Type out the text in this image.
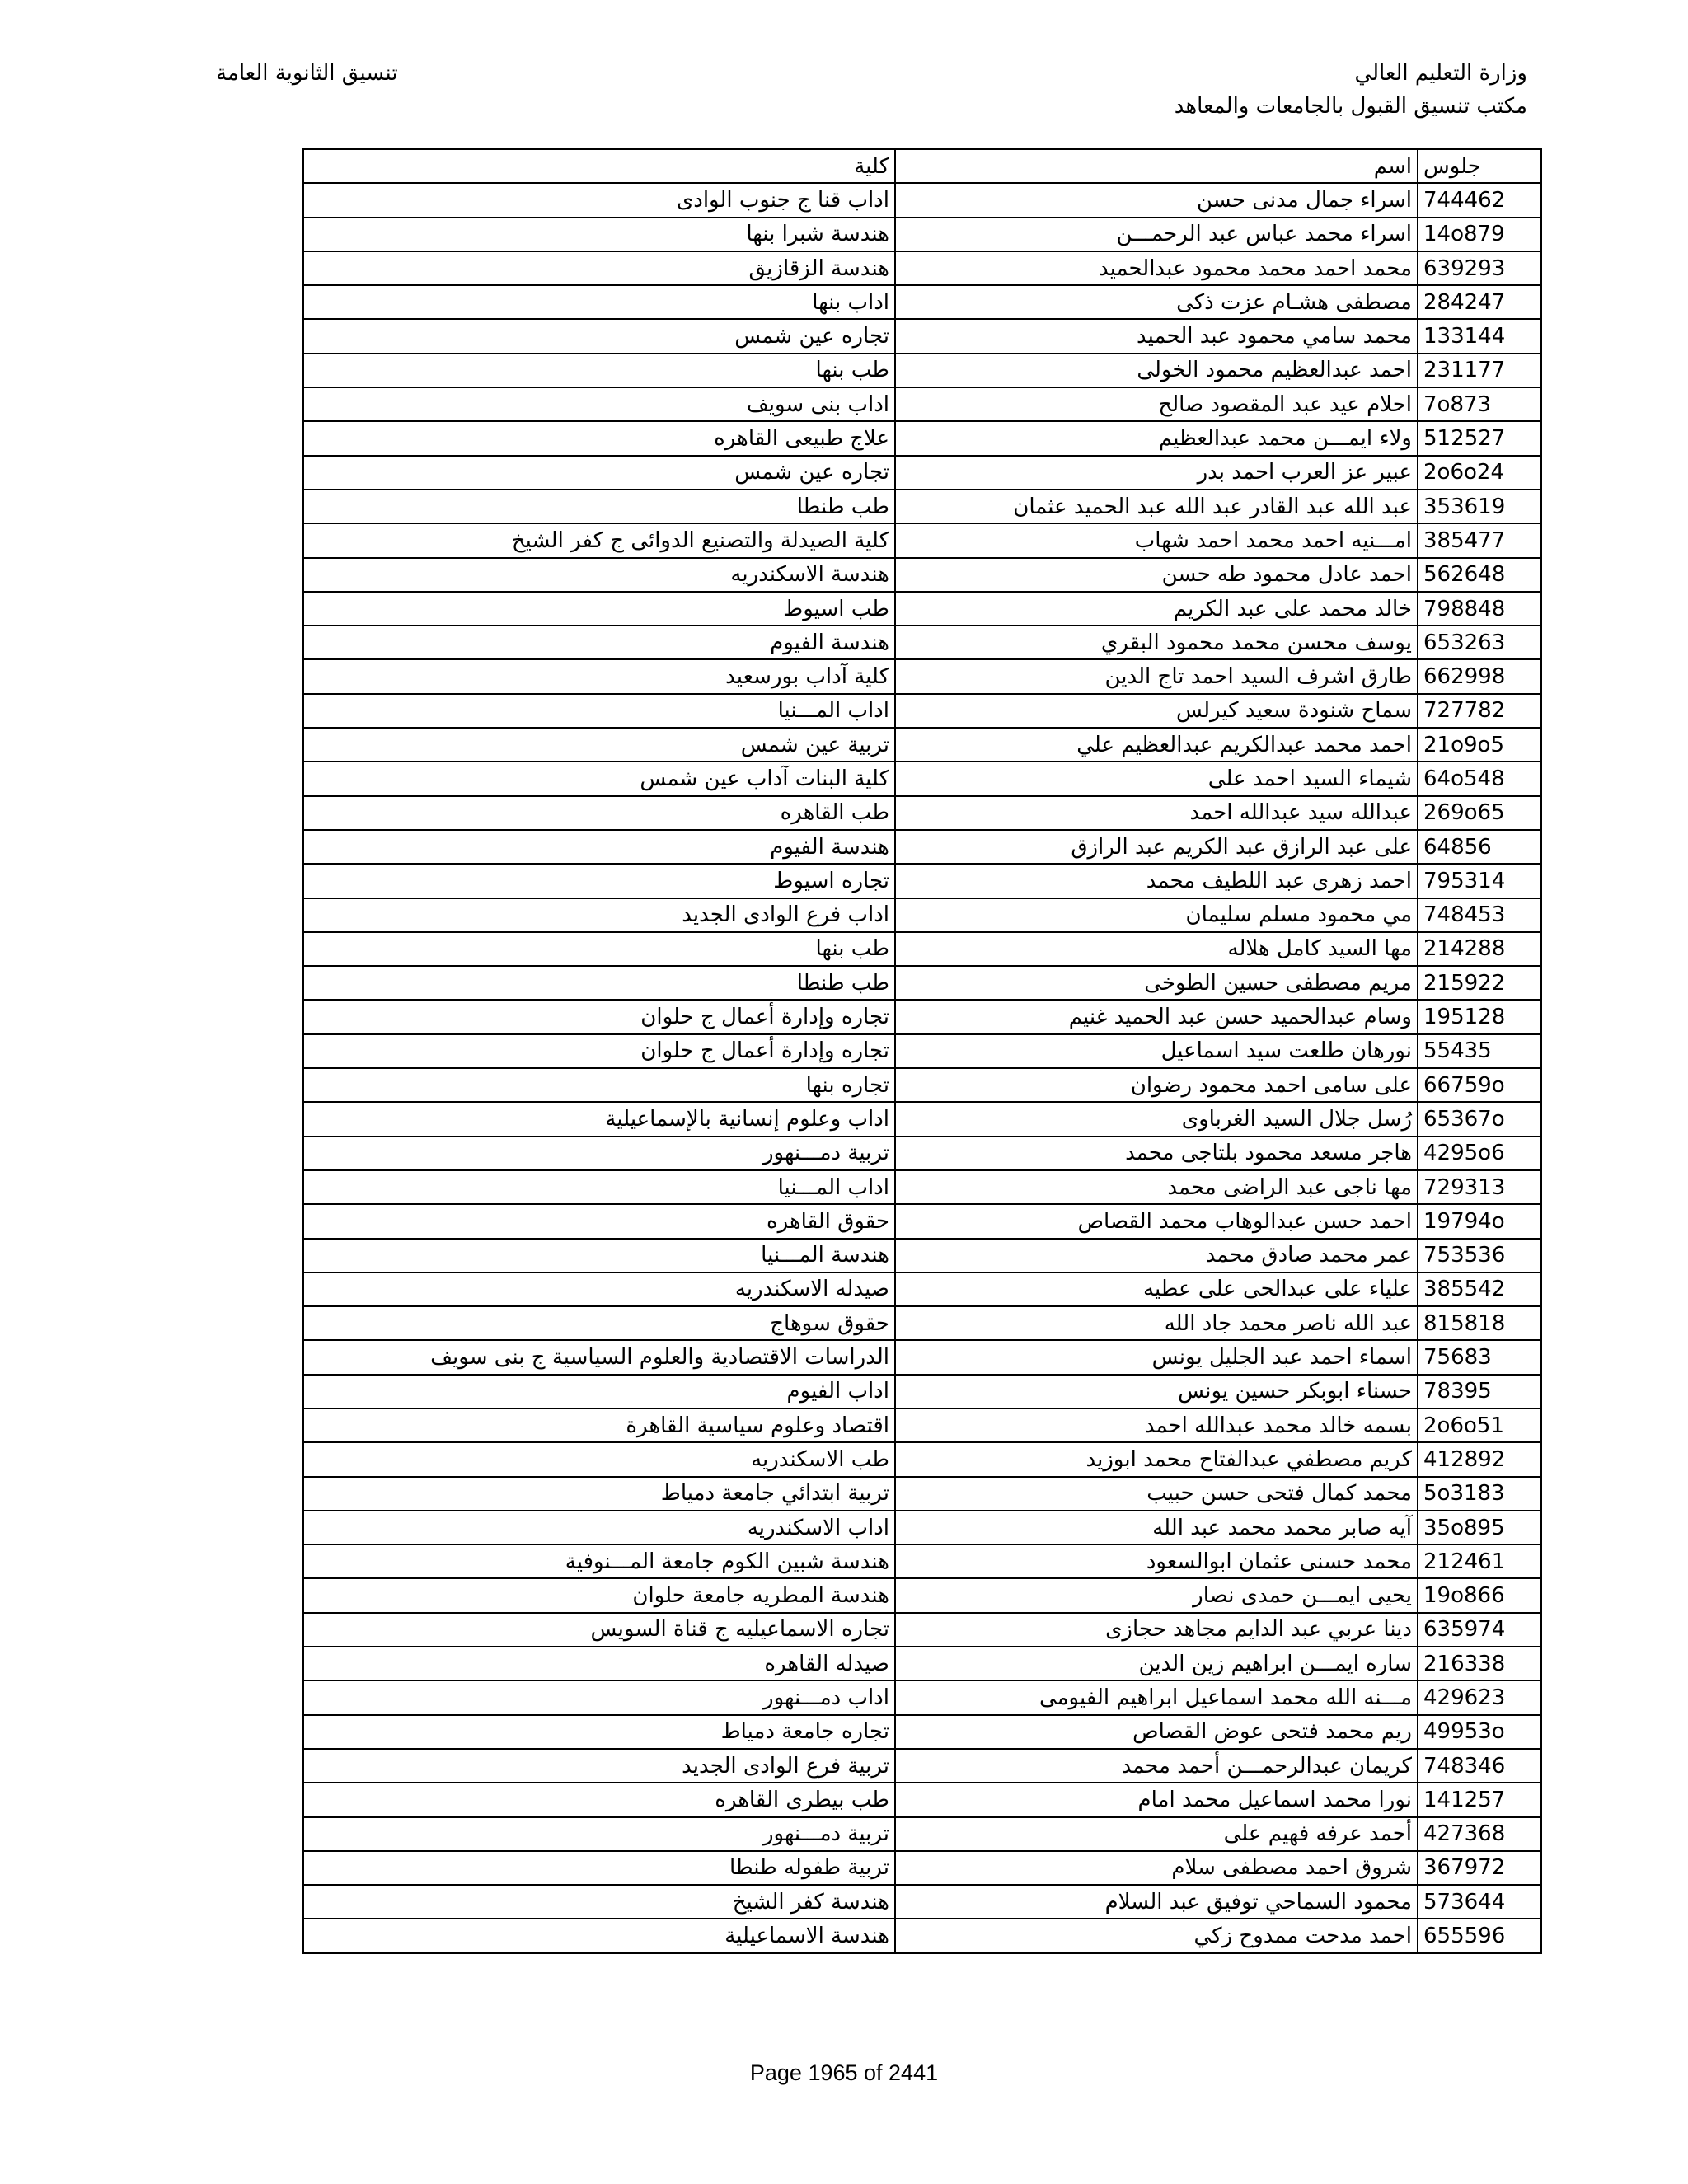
وزارة التعليم العالي
مكتب تنسيق القبول بالجامعات والمعاهد
تنسيق الثانوية العامة
جلوس	اسم	كلية
744462	اسراء جمال مدنى حسن	اداب قنا ج جنوب الوادى
14o879	اسراء محمد عباس عبد الرحمـــن	هندسة شبرا بنها
639293	محمد احمد محمد محمود عبدالحميد	هندسة الزقازيق
284247	مصطفى هشـام عزت ذكى	اداب بنها
133144	محمد سامي محمود عبد الحميد	تجاره عين شمس
231177	احمد عبدالعظيم محمود الخولى	طب بنها
7o873	احلام عيد عبد المقصود صالح	اداب بنى سويف
512527	ولاء ايمـــن محمد عبدالعظيم	علاج طبيعى القاهره
2o6o24	عبير عز العرب احمد بدر	تجاره عين شمس
353619	عبد الله عبد القادر عبد الله عبد الحميد عثمان	طب طنطا
385477	امـــنيه احمد محمد احمد شهاب	كلية الصيدلة والتصنيع الدوائى ج كفر الشيخ
562648	احمد عادل محمود طه حسن	هندسة الاسكندريه
798848	خالد محمد على عبد الكريم	طب اسيوط
653263	يوسف محسن محمد محمود البقري	هندسة الفيوم
662998	طارق اشرف السيد احمد تاج الدين	كلية آداب بورسعيد
727782	سماح شنودة سعيد كيرلس	اداب المـــنيا
21o9o5	احمد محمد عبدالكريم عبدالعظيم علي	تربية عين شمس
64o548	شيماء السيد احمد على	كلية البنات آداب عين شمس
269o65	عبدالله سيد عبدالله احمد	طب القاهره
64856	على عبد الرازق عبد الكريم عبد الرازق	هندسة الفيوم
795314	احمد زهرى عبد اللطيف محمد	تجاره اسيوط
748453	مي محمود مسلم سليمان	اداب فرع الوادى الجديد
214288	مها السيد كامل هلاله	طب بنها
215922	مريم مصطفى حسين الطوخى	طب طنطا
195128	وسام عبدالحميد حسن عبد الحميد غنيم	تجاره وإدارة أعمال ج حلوان
55435	نورهان طلعت سيد اسماعيل	تجاره وإدارة أعمال ج حلوان
66759o	على سامى احمد محمود رضوان	تجاره بنها
65367o	رُسل جلال السيد الغرباوى	اداب وعلوم إنسانية بالإسماعيلية
4295o6	هاجر مسعد محمود بلتاجى محمد	تربية دمـــنهور
729313	مها ناجى عبد الراضى محمد	اداب المـــنيا
19794o	احمد حسن عبدالوهاب محمد القصاص	حقوق القاهره
753536	عمر محمد صادق محمد	هندسة المـــنيا
385542	علياء على عبدالحى على عطيه	صيدله الاسكندريه
815818	عبد الله ناصر محمد جاد الله	حقوق سوهاج
75683	اسماء احمد عبد الجليل يونس	الدراسات الاقتصادية والعلوم السياسية ج بنى سويف
78395	حسناء ابوبكر حسين يونس	اداب الفيوم
2o6o51	بسمه خالد محمد عبدالله احمد	اقتصاد وعلوم سياسية القاهرة
412892	كريم مصطفي عبدالفتاح محمد ابوزيد	طب الاسكندريه
5o3183	محمد كمال فتحى حسن حبيب	تربية ابتدائي جامعة دمياط
35o895	آيه صابر محمد محمد عبد الله	اداب الاسكندريه
212461	محمد حسنى عثمان ابوالسعود	هندسة شبين الكوم جامعة المـــنوفية
19o866	يحيى ايمـــن حمدى نصار	هندسة المطريه جامعة حلوان
635974	دينا عربي عبد الدايم مجاهد حجازى	تجاره الاسماعيليه ج قناة السويس
216338	ساره ايمـــن ابراهيم زين الدين	صيدله القاهره
429623	مـــنه الله محمد اسماعيل ابراهيم الفيومى	اداب دمـــنهور
49953o	ريم محمد فتحى عوض القصاص	تجاره جامعة دمياط
748346	كريمان عبدالرحمـــن أحمد محمد	تربية فرع الوادى الجديد
141257	نورا محمد اسماعيل محمد امام	طب بيطرى القاهره
427368	أحمد عرفه فهيم على	تربية دمـــنهور
367972	شروق احمد مصطفى سلام	تربية طفوله طنطا
573644	محمود السماحي توفيق عبد السلام	هندسة كفر الشيخ
655596	احمد مدحت ممدوح زكي	هندسة الاسماعيلية
Page 1965 of 2441
